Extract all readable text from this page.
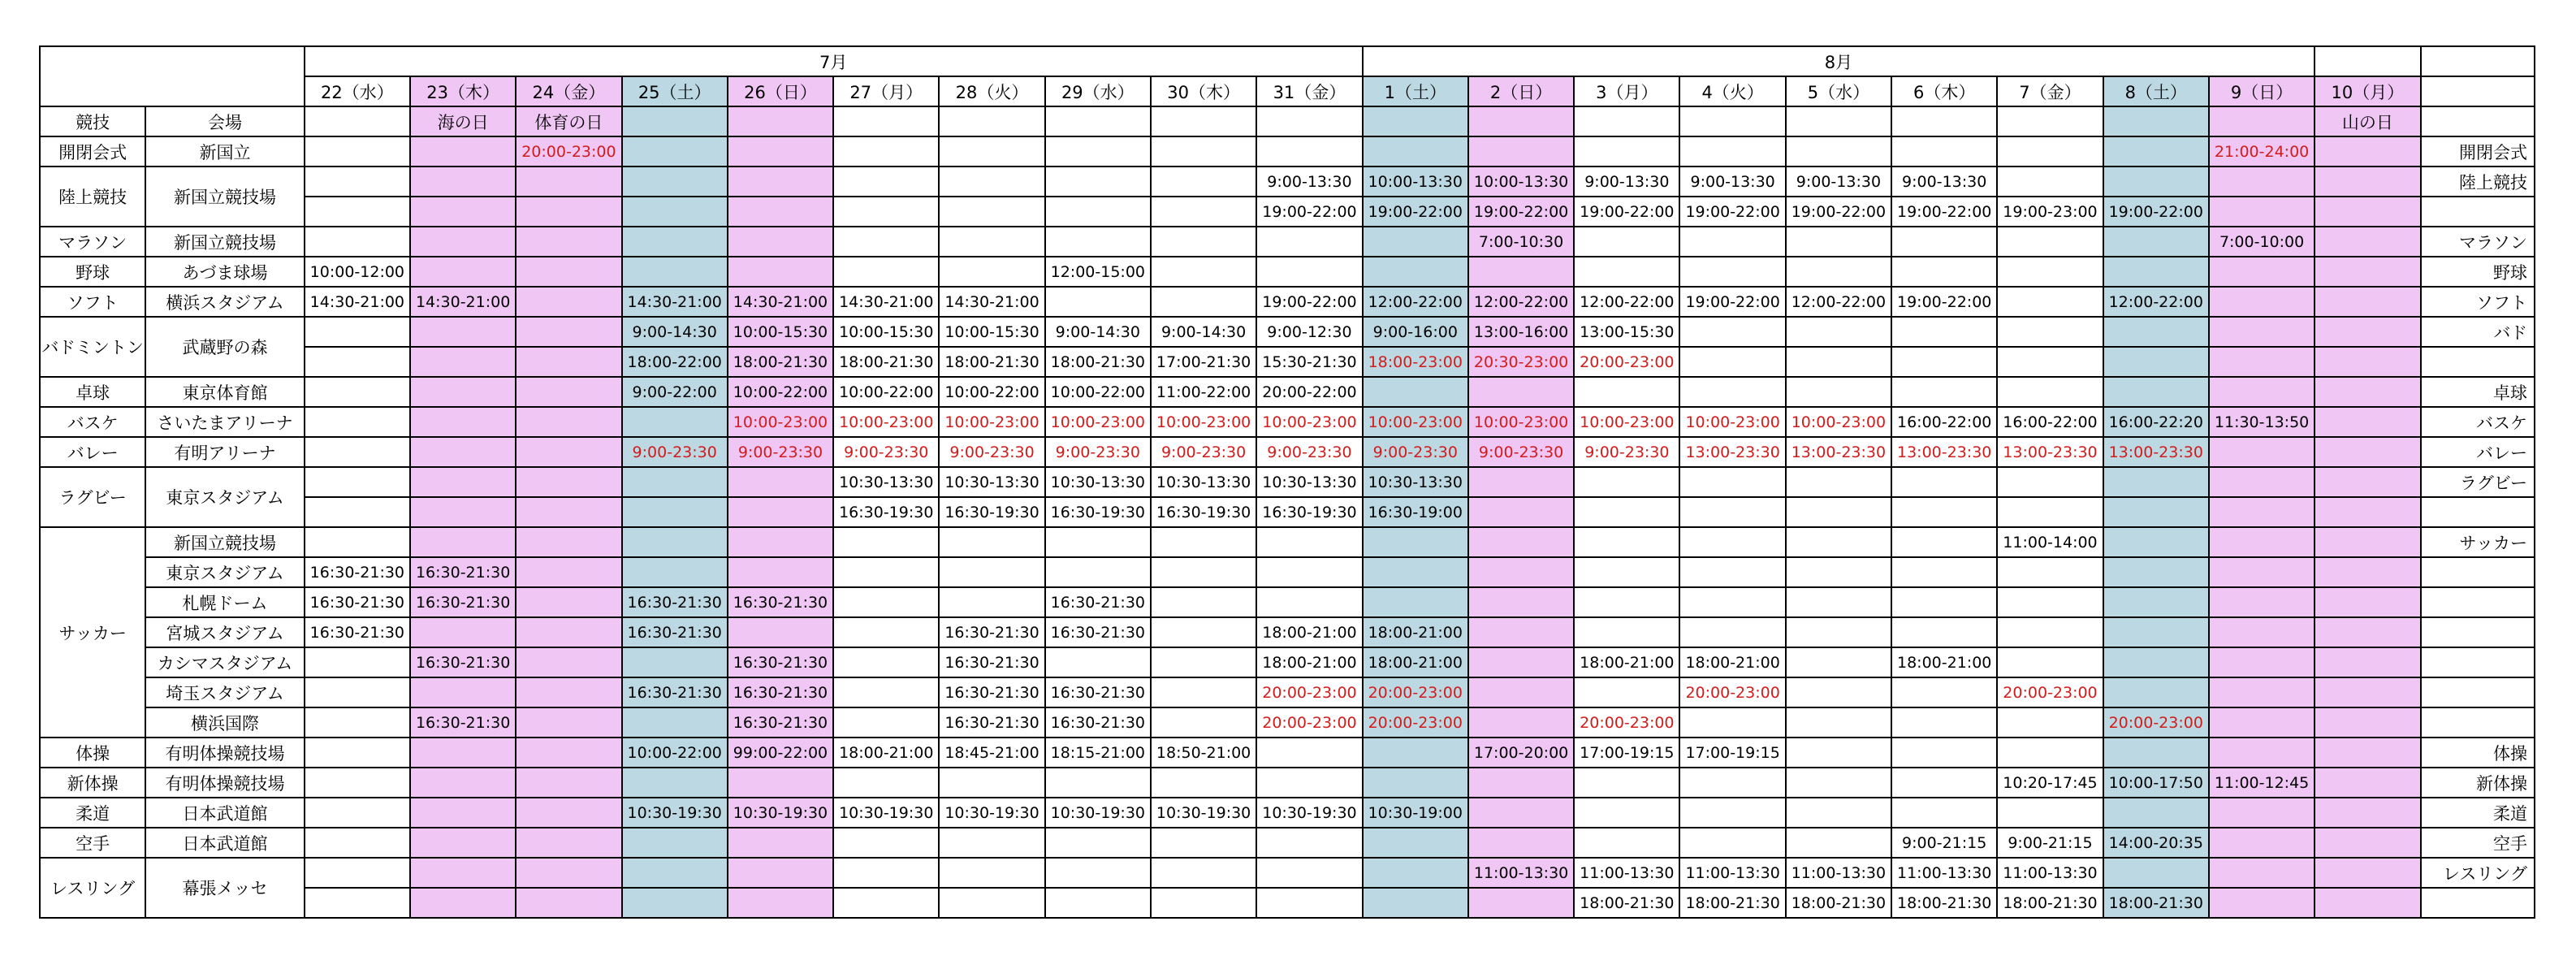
		7月										8月										
		22（水）	23（木）	24（金）	25（土）	26（日）	27（月）	28（火）	29（水）	30（木）	31（金）	1（土）	2（日）	3（月）	4（火）	5（水）	6（木）	7（金）	8（土）	9（日）	10（月）	
競技	会場		海の日	体育の日																	山の日	
開閉会式	新国立			20:00-23:00																21:00-24:00		開閉会式
陸上競技	新国立競技場										9:00-13:30	10:00-13:30	10:00-13:30	9:00-13:30	9:00-13:30	9:00-13:30	9:00-13:30					陸上競技
											19:00-22:00	19:00-22:00	19:00-22:00	19:00-22:00	19:00-22:00	19:00-22:00	19:00-22:00	19:00-23:00	19:00-22:00			
マラソン	新国立競技場												7:00-10:30							7:00-10:00		マラソン
野球	あづま球場	10:00-12:00							12:00-15:00													野球
ソフト	横浜スタジアム	14:30-21:00	14:30-21:00		14:30-21:00	14:30-21:00	14:30-21:00	14:30-21:00			19:00-22:00	12:00-22:00	12:00-22:00	12:00-22:00	19:00-22:00	12:00-22:00	19:00-22:00		12:00-22:00			ソフト
バドミントン	武蔵野の森				9:00-14:30	10:00-15:30	10:00-15:30	10:00-15:30	9:00-14:30	9:00-14:30	9:00-12:30	9:00-16:00	13:00-16:00	13:00-15:30								バド
					18:00-22:00	18:00-21:30	18:00-21:30	18:00-21:30	18:00-21:30	17:00-21:30	15:30-21:30	18:00-23:00	20:30-23:00	20:00-23:00								
卓球	東京体育館				9:00-22:00	10:00-22:00	10:00-22:00	10:00-22:00	10:00-22:00	11:00-22:00	20:00-22:00											卓球
バスケ	さいたまアリーナ					10:00-23:00	10:00-23:00	10:00-23:00	10:00-23:00	10:00-23:00	10:00-23:00	10:00-23:00	10:00-23:00	10:00-23:00	10:00-23:00	10:00-23:00	16:00-22:00	16:00-22:00	16:00-22:20	11:30-13:50		バスケ
バレー	有明アリーナ				9:00-23:30	9:00-23:30	9:00-23:30	9:00-23:30	9:00-23:30	9:00-23:30	9:00-23:30	9:00-23:30	9:00-23:30	9:00-23:30	13:00-23:30	13:00-23:30	13:00-23:30	13:00-23:30	13:00-23:30			バレー
ラグビー	東京スタジアム						10:30-13:30	10:30-13:30	10:30-13:30	10:30-13:30	10:30-13:30	10:30-13:30										ラグビー
							16:30-19:30	16:30-19:30	16:30-19:30	16:30-19:30	16:30-19:30	16:30-19:00										
サッカー	新国立競技場																	11:00-14:00				サッカー
	東京スタジアム	16:30-21:30	16:30-21:30																			
	札幌ドーム	16:30-21:30	16:30-21:30		16:30-21:30	16:30-21:30			16:30-21:30													
	宮城スタジアム	16:30-21:30			16:30-21:30			16:30-21:30	16:30-21:30		18:00-21:00	18:00-21:00										
	カシマスタジアム		16:30-21:30			16:30-21:30		16:30-21:30			18:00-21:00	18:00-21:00		18:00-21:00	18:00-21:00		18:00-21:00					
	埼玉スタジアム				16:30-21:30	16:30-21:30		16:30-21:30	16:30-21:30		20:00-23:00	20:00-23:00			20:00-23:00			20:00-23:00				
	横浜国際		16:30-21:30			16:30-21:30		16:30-21:30	16:30-21:30		20:00-23:00	20:00-23:00		20:00-23:00					20:00-23:00			
体操	有明体操競技場				10:00-22:00	99:00-22:00	18:00-21:00	18:45-21:00	18:15-21:00	18:50-21:00			17:00-20:00	17:00-19:15	17:00-19:15							体操
新体操	有明体操競技場																	10:20-17:45	10:00-17:50	11:00-12:45		新体操
柔道	日本武道館				10:30-19:30	10:30-19:30	10:30-19:30	10:30-19:30	10:30-19:30	10:30-19:30	10:30-19:30	10:30-19:00										柔道
空手	日本武道館																9:00-21:15	9:00-21:15	14:00-20:35			空手
レスリング	幕張メッセ												11:00-13:30	11:00-13:30	11:00-13:30	11:00-13:30	11:00-13:30	11:00-13:30				レスリング
														18:00-21:30	18:00-21:30	18:00-21:30	18:00-21:30	18:00-21:30	18:00-21:30			
